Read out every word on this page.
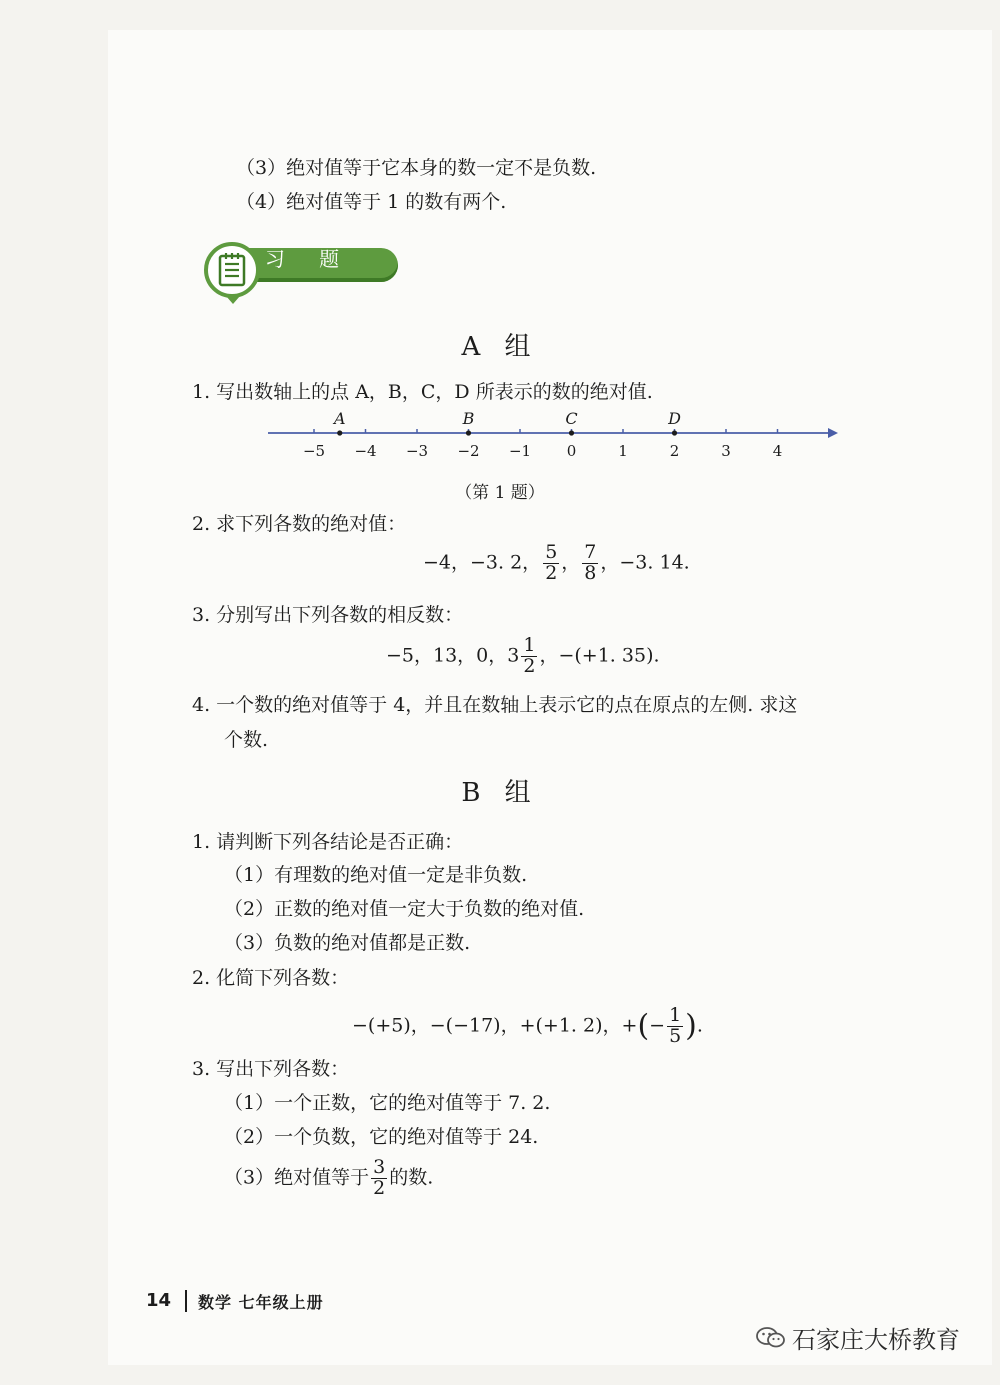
（3）绝对值等于它本身的数一定不是负数.
（4）绝对值等于 1 的数有两个.
习 题
A 组
1. 写出数轴上的点 A，B，C，D 所表示的数的绝对值.
−5 −4 −3 −2 −1 0	1	2	3	4
A	B	C	D
（第 1 题）
2. 求下列各数的绝对值：
−4，−3. 2， $\frac{5}{2}$ ， $\frac{7}{8}$ ，−3. 14.
3. 分别写出下列各数的相反数：
−5，13，0，$3 \frac{1}{2}$ ，−(+1. 35).
4. 一个数的绝对值等于 4，并且在数轴上表示它的点在原点的左侧. 求这
个数.
B 组
1. 请判断下列各结论是否正确：
（1）有理数的绝对值一定是非负数.
（2）正数的绝对值一定大于负数的绝对值.
（3）负数的绝对值都是正数.
2. 化简下列各数：
−(+5)，−(−17)，+(+1. 2)，+(− $\frac{1}{5}$ ).
3. 写出下列各数：
（1）一个正数，它的绝对值等于 7. 2.
（2）一个负数，它的绝对值等于 24.
（3）绝对值等于 $\frac{3}{2}$ 的数.
14 数学 七年级上册
石家庄大桥教育
